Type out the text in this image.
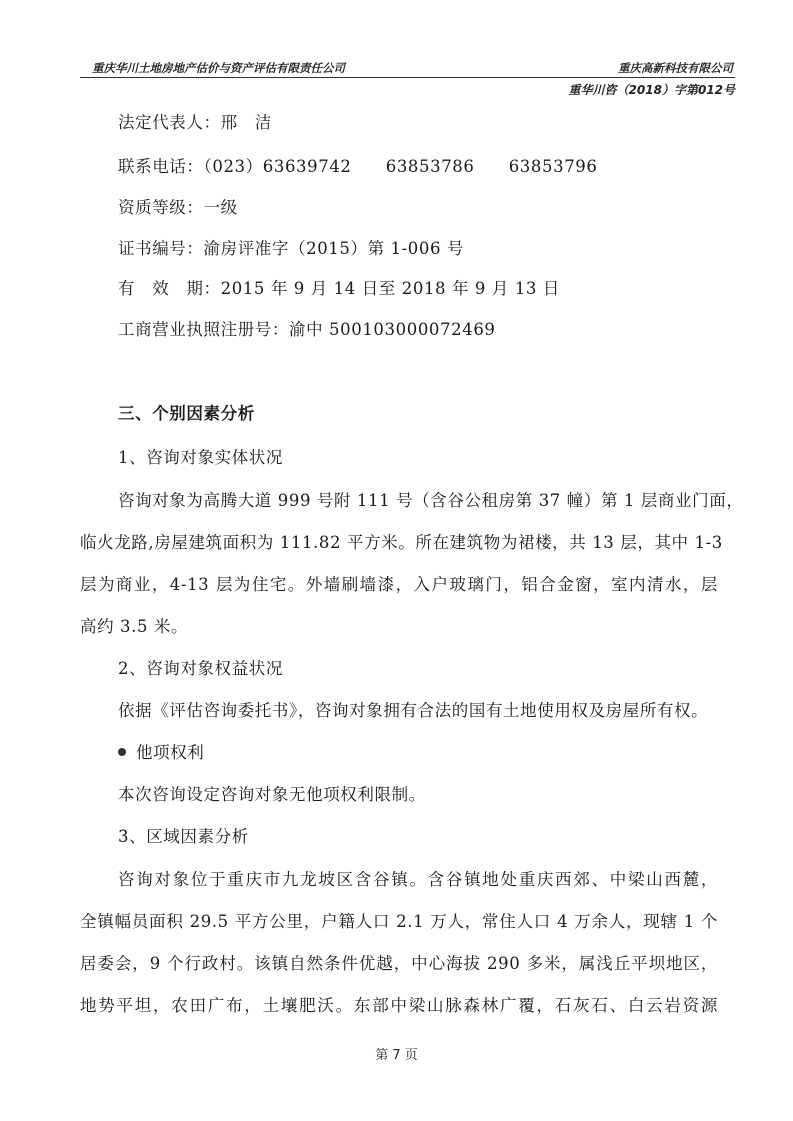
重庆华川土地房地产估价与资产评估有限责任公司	重庆高新科技有限公司
重华川咨（2018）字第012号
法定代表人：邢　洁
联系电话：（023）63639742　　63853786　　63853796
资质等级：一级
证书编号：渝房评准字（2015）第 1-006 号
有　效　期：2015 年 9 月 14 日至 2018 年 9 月 13 日
工商营业执照注册号：渝中 500103000072469
三、个别因素分析
1、咨询对象实体状况
咨询对象为高腾大道 999 号附 111 号（含谷公租房第 37 幢）第 1 层商业门面，
临火龙路,房屋建筑面积为 111.82 平方米。所在建筑物为裙楼，共 13 层，其中 1-3
层为商业，4-13 层为住宅。外墙刷墙漆，入户玻璃门，铝合金窗，室内清水，层
高约 3.5 米。
2、咨询对象权益状况
依据《评估咨询委托书》，咨询对象拥有合法的国有土地使用权及房屋所有权。
他项权利
本次咨询设定咨询对象无他项权利限制。
3、区域因素分析
咨询对象位于重庆市九龙坡区含谷镇。含谷镇地处重庆西郊、中梁山西麓，
全镇幅员面积 29.5 平方公里，户籍人口 2.1 万人，常住人口 4 万余人，现辖 1 个
居委会，9 个行政村。该镇自然条件优越，中心海拔 290 多米，属浅丘平坝地区，
地势平坦，农田广布，土壤肥沃。东部中梁山脉森林广覆，石灰石、白云岩资源
第 7 页
